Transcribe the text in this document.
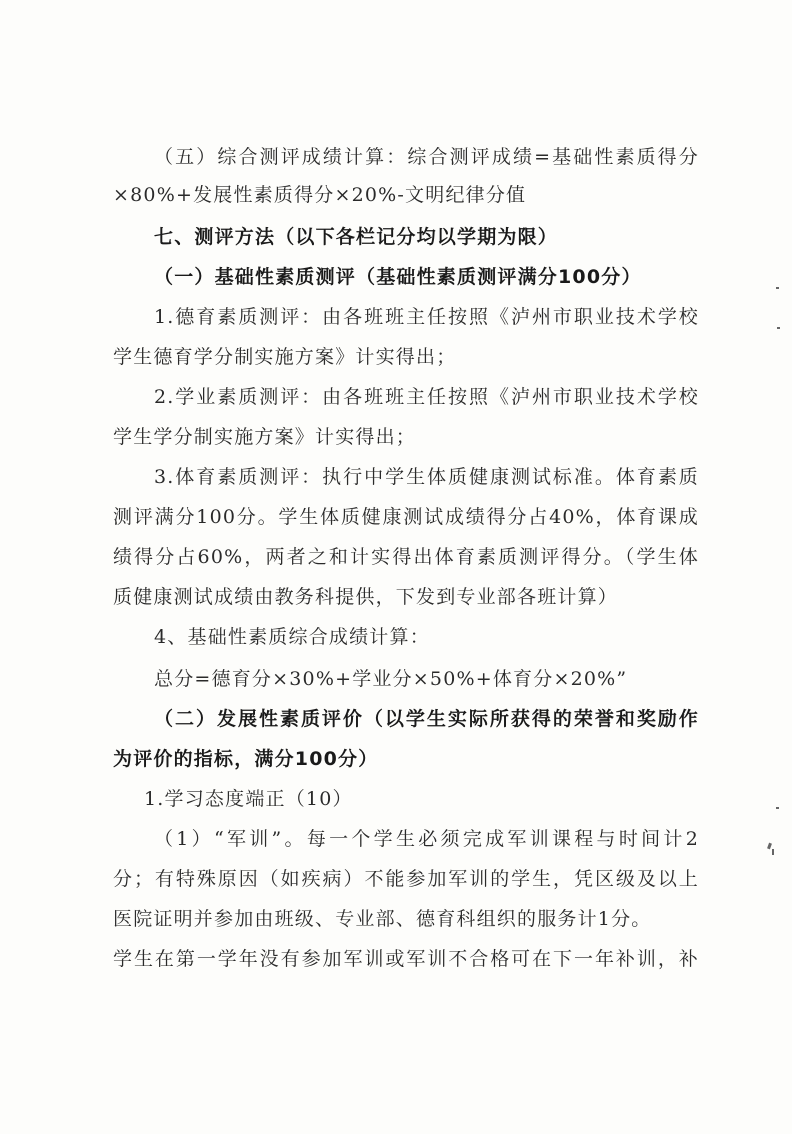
（五）综合测评成绩计算：综合测评成绩=基础性素质得分
×80%+发展性素质得分×20%-文明纪律分值
七、测评方法（以下各栏记分均以学期为限）
（一）基础性素质测评（基础性素质测评满分100分）
1.德育素质测评：由各班班主任按照《泸州市职业技术学校
学生德育学分制实施方案》计实得出；
2.学业素质测评：由各班班主任按照《泸州市职业技术学校
学生学分制实施方案》计实得出；
3.体育素质测评：执行中学生体质健康测试标准。体育素质
测评满分100分。学生体质健康测试成绩得分占40%，体育课成
绩得分占60%，两者之和计实得出体育素质测评得分。（学生体
质健康测试成绩由教务科提供，下发到专业部各班计算）
4、基础性素质综合成绩计算：
总分=德育分×30%+学业分×50%+体育分×20%”
（二）发展性素质评价（以学生实际所获得的荣誉和奖励作
为评价的指标，满分100分）
1.学习态度端正（10）
（1）“军训”。每一个学生必须完成军训课程与时间计2
分；有特殊原因（如疾病）不能参加军训的学生，凭区级及以上
医院证明并参加由班级、专业部、德育科组织的服务计1分。
学生在第一学年没有参加军训或军训不合格可在下一年补训，补
